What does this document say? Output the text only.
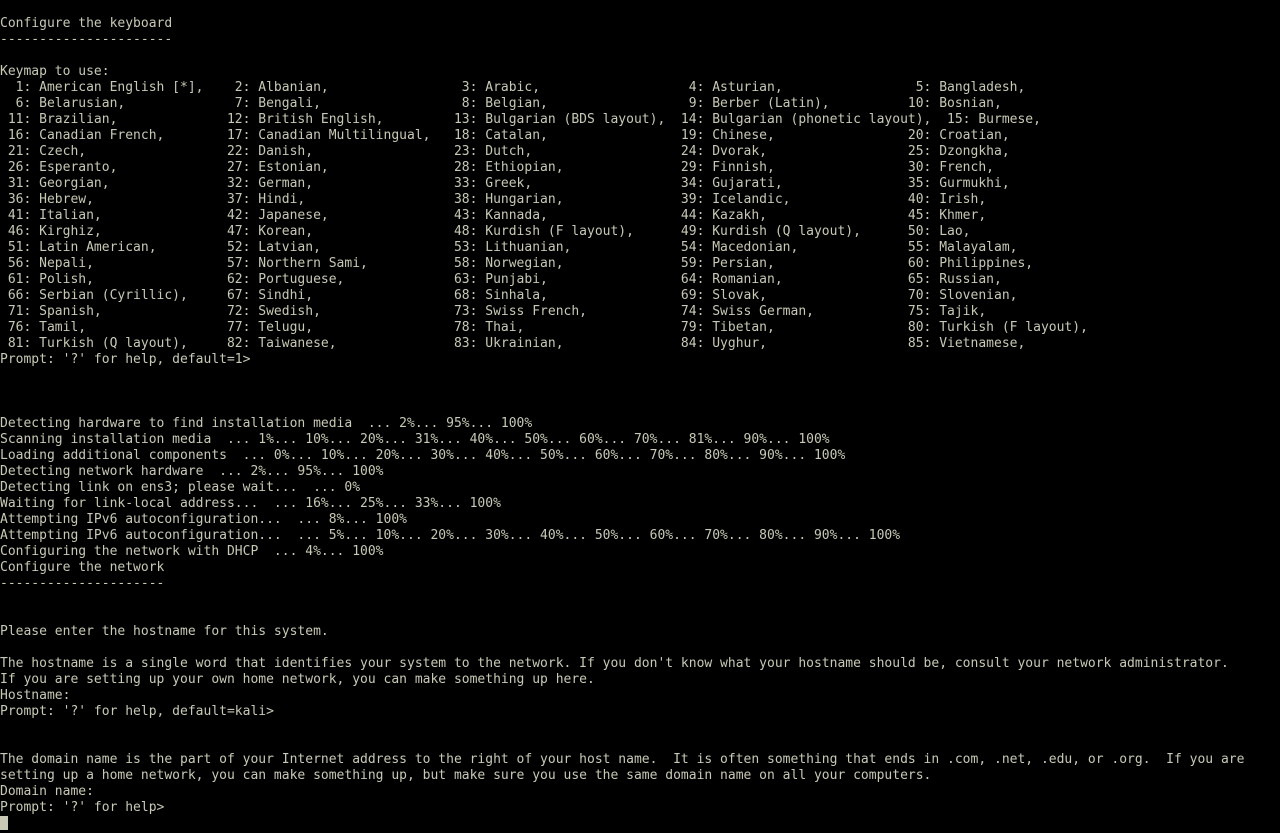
Configure the keyboard
----------------------
Keymap to use:
1: American English [*],    2: Albanian,                 3: Arabic,                   4: Asturian,                 5: Bangladesh,
6: Belarusian,              7: Bengali,                  8: Belgian,                  9: Berber (Latin),          10: Bosnian,
11: Brazilian,              12: British English,         13: Bulgarian (BDS layout),  14: Bulgarian (phonetic layout),  15: Burmese,
16: Canadian French,        17: Canadian Multilingual,   18: Catalan,                 19: Chinese,                 20: Croatian,
21: Czech,                  22: Danish,                  23: Dutch,                   24: Dvorak,                  25: Dzongkha,
26: Esperanto,              27: Estonian,                28: Ethiopian,               29: Finnish,                 30: French,
31: Georgian,               32: German,                  33: Greek,                   34: Gujarati,                35: Gurmukhi,
36: Hebrew,                 37: Hindi,                   38: Hungarian,               39: Icelandic,               40: Irish,
41: Italian,                42: Japanese,                43: Kannada,                 44: Kazakh,                  45: Khmer,
46: Kirghiz,                47: Korean,                  48: Kurdish (F layout),      49: Kurdish (Q layout),      50: Lao,
51: Latin American,         52: Latvian,                 53: Lithuanian,              54: Macedonian,              55: Malayalam,
56: Nepali,                 57: Northern Sami,           58: Norwegian,               59: Persian,                 60: Philippines,
61: Polish,                 62: Portuguese,              63: Punjabi,                 64: Romanian,                65: Russian,
66: Serbian (Cyrillic),     67: Sindhi,                  68: Sinhala,                 69: Slovak,                  70: Slovenian,
71: Spanish,                72: Swedish,                 73: Swiss French,            74: Swiss German,            75: Tajik,
76: Tamil,                  77: Telugu,                  78: Thai,                    79: Tibetan,                 80: Turkish (F layout),
81: Turkish (Q layout),     82: Taiwanese,               83: Ukrainian,               84: Uyghur,                  85: Vietnamese,
Prompt: '?' for help, default=1>
Detecting hardware to find installation media  ... 2%... 95%... 100%
Scanning installation media  ... 1%... 10%... 20%... 31%... 40%... 50%... 60%... 70%... 81%... 90%... 100%
Loading additional components  ... 0%... 10%... 20%... 30%... 40%... 50%... 60%... 70%... 80%... 90%... 100%
Detecting network hardware  ... 2%... 95%... 100%
Detecting link on ens3; please wait...  ... 0%
Waiting for link-local address...  ... 16%... 25%... 33%... 100%
Attempting IPv6 autoconfiguration...  ... 8%... 100%
Attempting IPv6 autoconfiguration...  ... 5%... 10%... 20%... 30%... 40%... 50%... 60%... 70%... 80%... 90%... 100%
Configuring the network with DHCP  ... 4%... 100%
Configure the network
---------------------
Please enter the hostname for this system.
The hostname is a single word that identifies your system to the network. If you don't know what your hostname should be, consult your network administrator.
If you are setting up your own home network, you can make something up here.
Hostname:
Prompt: '?' for help, default=kali>
The domain name is the part of your Internet address to the right of your host name.  It is often something that ends in .com, .net, .edu, or .org.  If you are
setting up a home network, you can make something up, but make sure you use the same domain name on all your computers.
Domain name:
Prompt: '?' for help>
